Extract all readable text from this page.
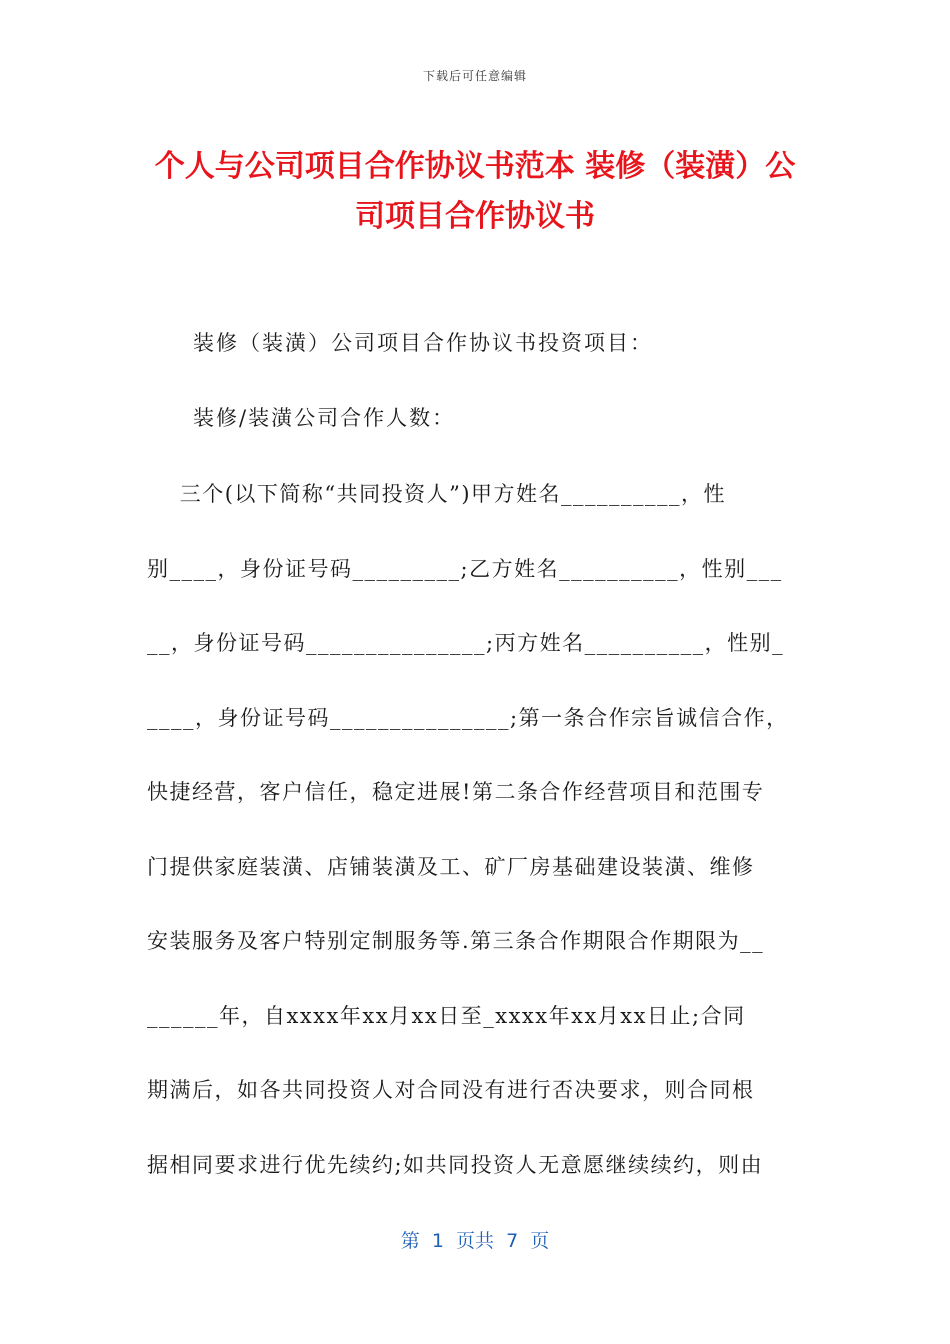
下载后可任意编辑
个人与公司项目合作协议书范本 装修（装潢）公司项目合作协议书

装修（装潢）公司项目合作协议书投资项目：

装修/装潢公司合作人数：

三个(以下简称“共同投资人”)甲方姓名__________，性

别____，身份证号码_________;乙方姓名__________，性别___

__，身份证号码_______________;丙方姓名__________，性别_

____，身份证号码_______________;第一条合作宗旨诚信合作，

快捷经营，客户信任，稳定进展!第二条合作经营项目和范围专

门提供家庭装潢、店铺装潢及工、矿厂房基础建设装潢、维修

安装服务及客户特别定制服务等.第三条合作期限合作期限为__

______年，自xxxx年xx月xx日至_xxxx年xx月xx日止;合同

期满后，如各共同投资人对合同没有进行否决要求，则合同根

据相同要求进行优先续约;如共同投资人无意愿继续续约，则由

第  1  页共  7  页
